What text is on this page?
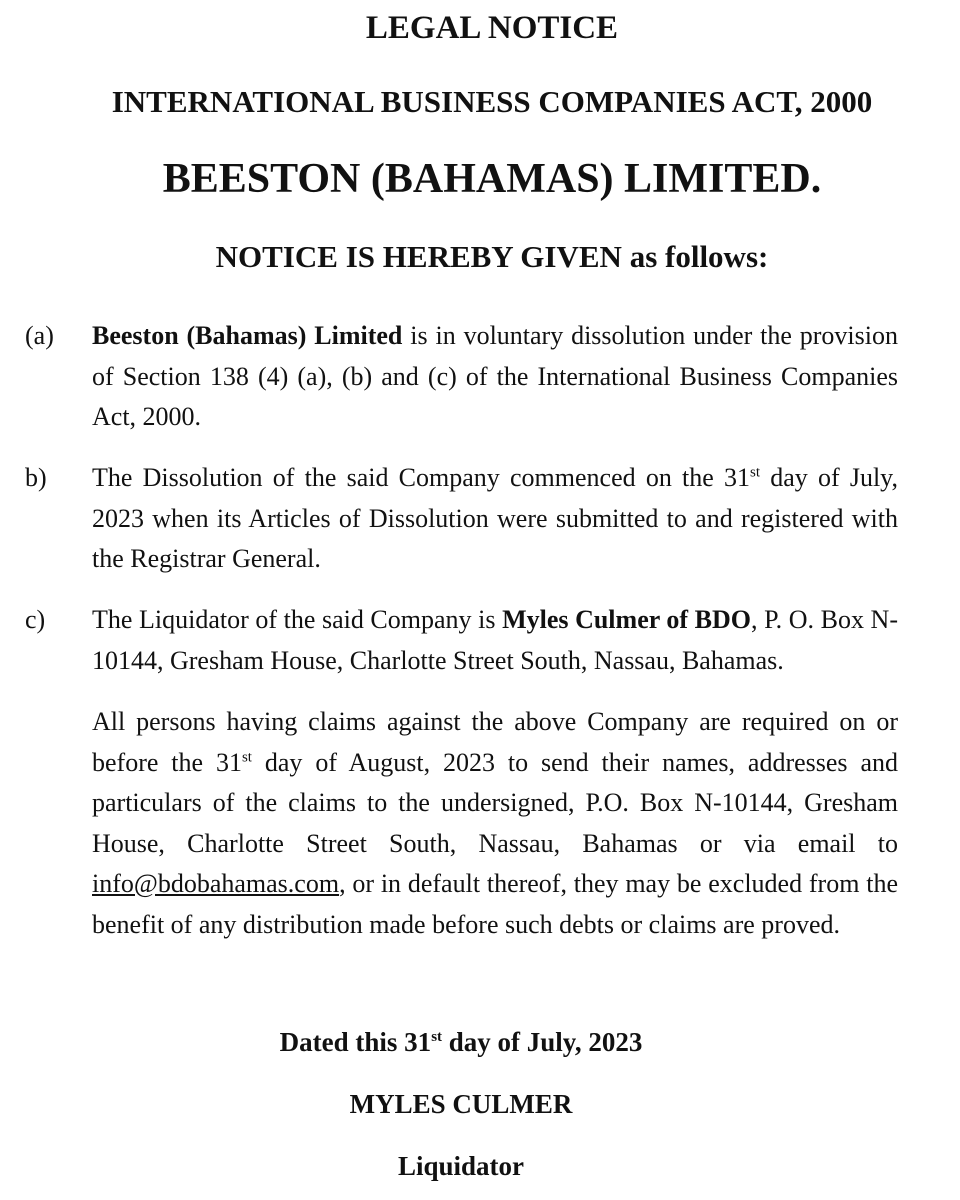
LEGAL NOTICE
INTERNATIONAL BUSINESS COMPANIES ACT, 2000
BEESTON (BAHAMAS) LIMITED.
NOTICE IS HEREBY GIVEN as follows:
(a) Beeston (Bahamas) Limited is in voluntary dissolution under the provision of Section 138 (4) (a), (b) and (c) of the International Business Companies Act, 2000.
b) The Dissolution of the said Company commenced on the 31st day of July, 2023 when its Articles of Dissolution were submitted to and registered with the Registrar General.
c) The Liquidator of the said Company is Myles Culmer of BDO, P. O. Box N-10144, Gresham House, Charlotte Street South, Nassau, Bahamas.
All persons having claims against the above Company are required on or before the 31st day of August, 2023 to send their names, addresses and particulars of the claims to the undersigned, P.O. Box N-10144, Gresham House, Charlotte Street South, Nassau, Bahamas or via email to info@bdobahamas.com, or in default thereof, they may be excluded from the benefit of any distribution made before such debts or claims are proved.
Dated this 31st day of July, 2023
MYLES CULMER
Liquidator
